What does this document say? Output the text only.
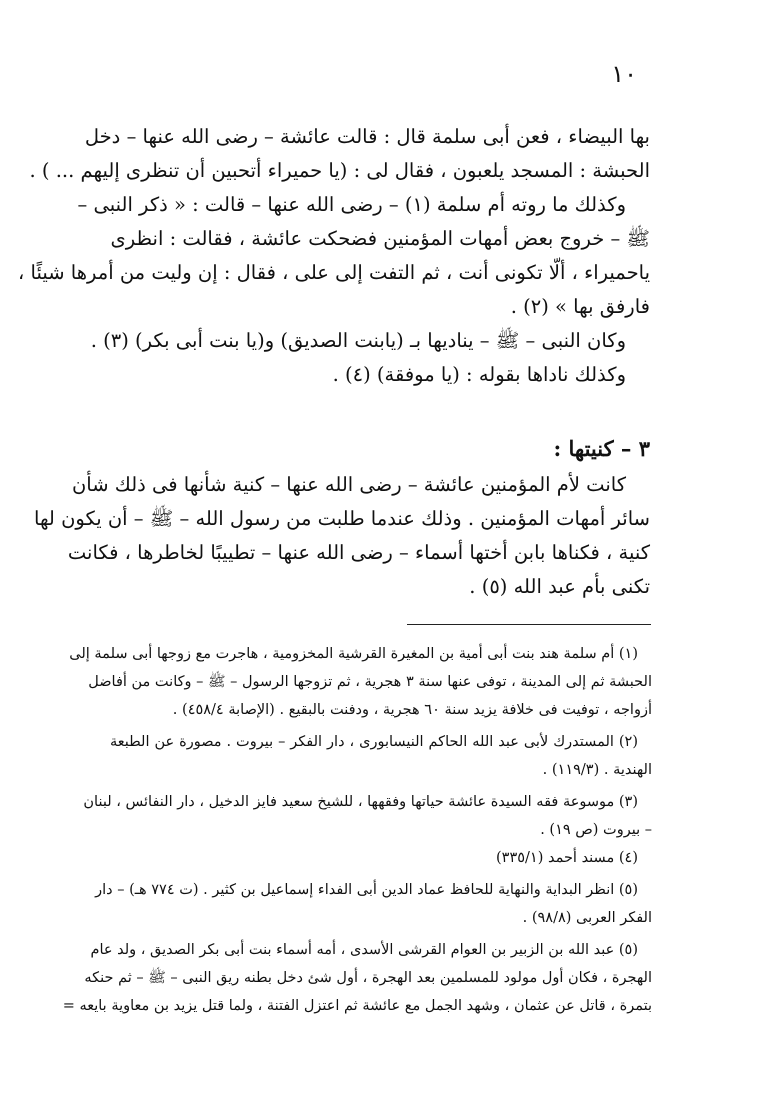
١٠
بها البيضاء ، فعن أبى سلمة قال : قالت عائشة – رضى الله عنها – دخل
الحبشة : المسجد يلعبون ، فقال لى : (يا حميراء أتحبين أن تنظرى إليهم ... ) .
وكذلك ما روته أم سلمة (١) – رضى الله عنها – قالت : « ذكر النبى –
ﷺ – خروج بعض أمهات المؤمنين فضحكت عائشة ، فقالت : انظرى
ياحميراء ، ألّا تكونى أنت ، ثم التفت إلى على ، فقال : إن وليت من أمرها شيئًا ،
فارفق بها » (٢) .
وكان النبى – ﷺ – يناديها بـ (يابنت الصديق) و(يا بنت أبى بكر) (٣) .
وكذلك ناداها بقوله : (يا موفقة) (٤) .
٣ – كنيتها :
كانت لأم المؤمنين عائشة – رضى الله عنها – كنية شأنها فى ذلك شأن
سائر أمهات المؤمنين . وذلك عندما طلبت من رسول الله – ﷺ – أن يكون لها
كنية ، فكناها بابن أختها أسماء – رضى الله عنها – تطييبًا لخاطرها ، فكانت
تكنى بأم عبد الله (٥) .
(١) أم سلمة هند بنت أبى أمية بن المغيرة القرشية المخزومية ، هاجرت مع زوجها أبى سلمة إلى
الحبشة ثم إلى المدينة ، توفى عنها سنة ٣ هجرية ، ثم تزوجها الرسول – ﷺ – وكانت من أفاضل
أزواجه ، توفيت فى خلافة يزيد سنة ٦٠ هجرية ، ودفنت بالبقيع . (الإصابة ٤٥٨/٤) .
(٢) المستدرك لأبى عبد الله الحاكم النيسابورى ، دار الفكر – بيروت . مصورة عن الطبعة
الهندية . (١١٩/٣) .
(٣) موسوعة فقه السيدة عائشة حياتها وفقهها ، للشيخ سعيد فايز الدخيل ، دار النفائس ، لبنان
– بيروت (ص ١٩) .
(٤) مسند أحمد (٣٣٥/١)
(٥) انظر البداية والنهاية للحافظ عماد الدين أبى الفداء إسماعيل بن كثير . (ت ٧٧٤ هـ) – دار
الفكر العربى (٩٨/٨) .
(٥) عبد الله بن الزبير بن العوام القرشى الأسدى ، أمه أسماء بنت أبى بكر الصديق ، ولد عام
الهجرة ، فكان أول مولود للمسلمين بعد الهجرة ، أول شئ دخل بطنه ريق النبى – ﷺ – ثم حنكه
بتمرة ، قاتل عن عثمان ، وشهد الجمل مع عائشة ثم اعتزل الفتنة ، ولما قتل يزيد بن معاوية بايعه =
